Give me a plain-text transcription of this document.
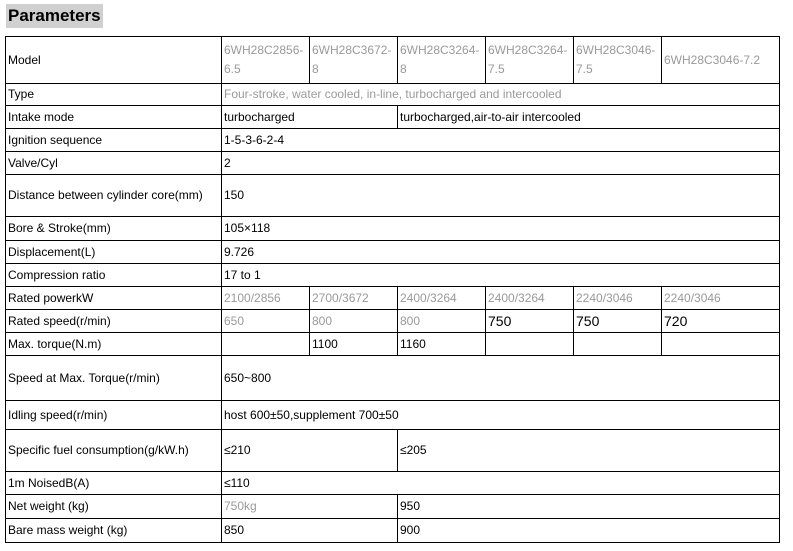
Parameters
Model	6WH28C2856-6.5	6WH28C3672-8	6WH28C3264-8	6WH28C3264-7.5	6WH28C3046-7.5	6WH28C3046-7.2
Type	Four-stroke, water cooled, in-line, turbocharged and intercooled					
Intake mode	turbocharged		turbocharged,air-to-air intercooled			
Ignition sequence	1-5-3-6-2-4					
Valve/Cyl	2					
Distance between cylinder core(mm)	150					
Bore & Stroke(mm)	105×118					
Displacement(L)	9.726					
Compression ratio	17 to 1					
Rated powerkW	2100/2856	2700/3672	2400/3264	2400/3264	2240/3046	2240/3046
Rated speed(r/min)	650	800	800	750	750	720
Max. torque(N.m)		1100	1160			
Speed at Max. Torque(r/min)	650~800					
Idling speed(r/min)	host 600±50,supplement 700±50					
Specific fuel consumption(g/kW.h)	≤210		≤205			
1m NoisedB(A)	≤110					
Net weight (kg)	750kg		950			
Bare mass weight (kg)	850		900			
